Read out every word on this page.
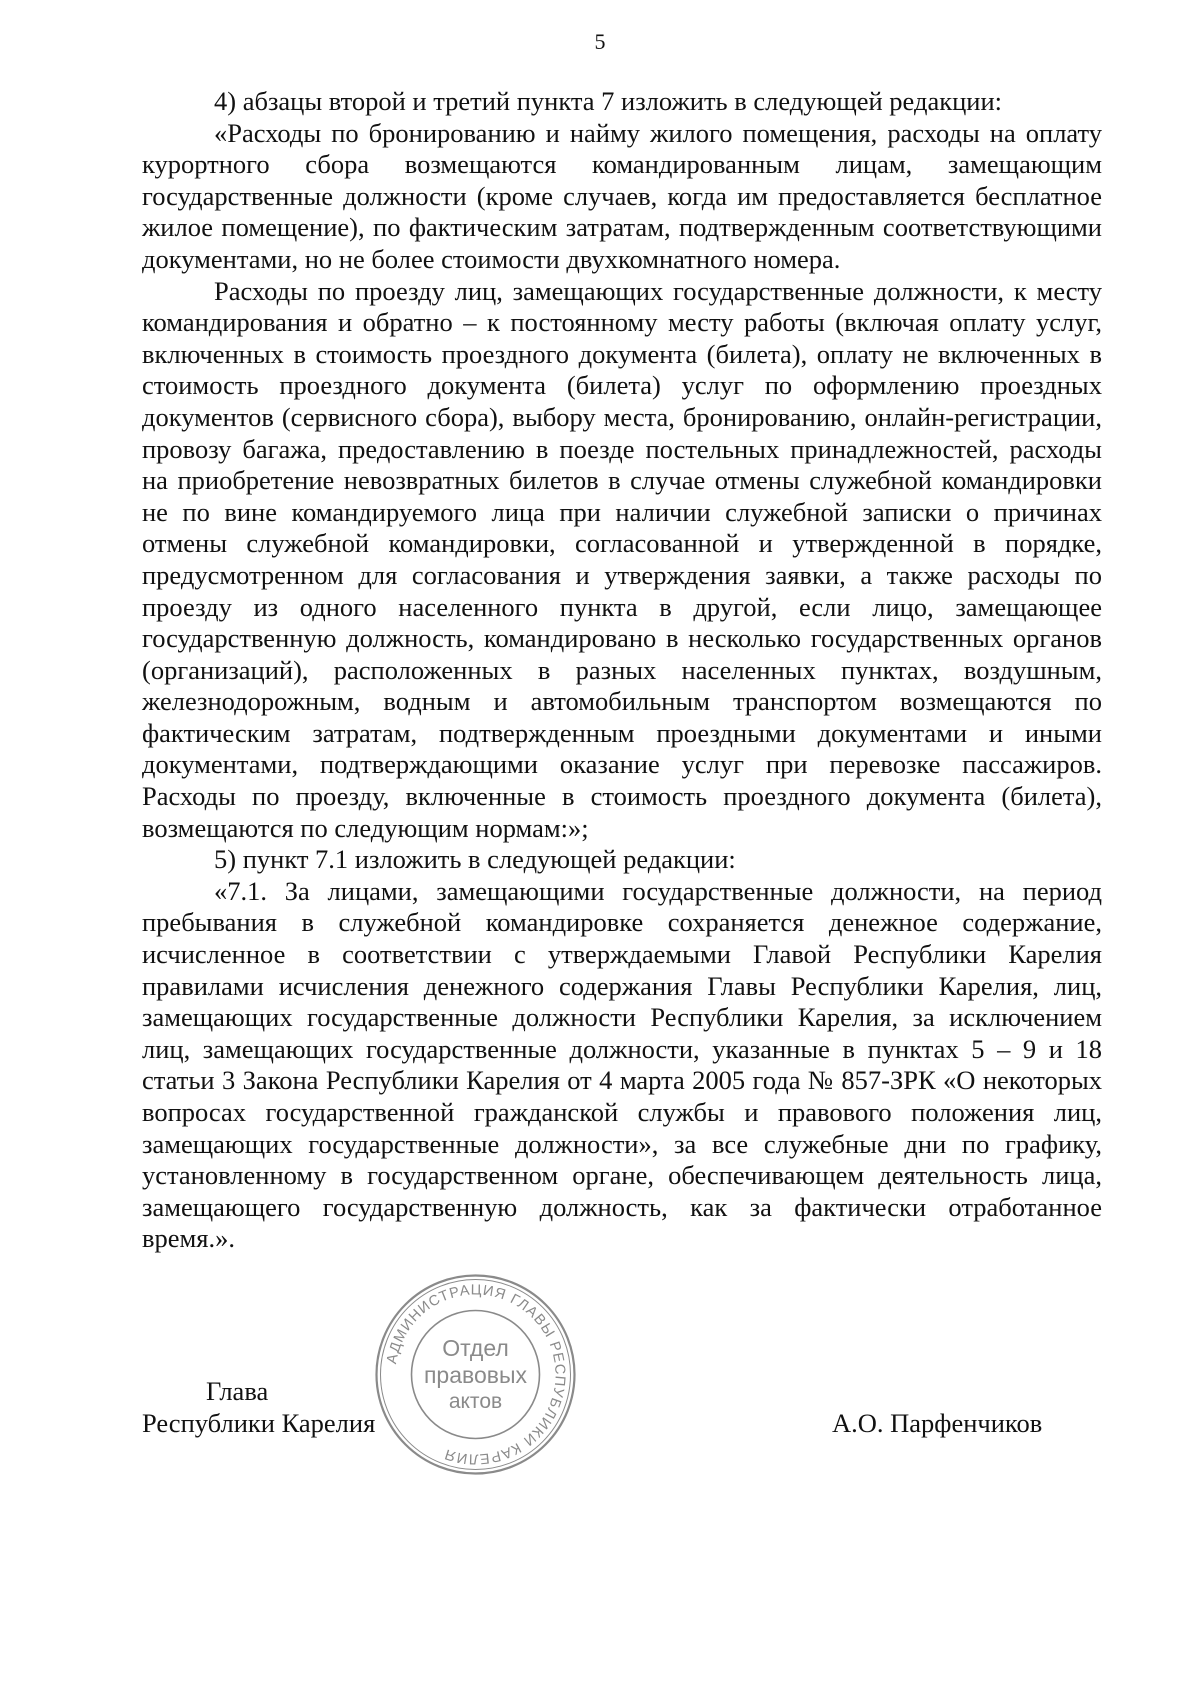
5

4) абзацы второй и третий пункта 7 изложить в следующей редакции:

«Расходы по бронированию и найму жилого помещения, расходы на оплату курортного сбора возмещаются командированным лицам, замещающим государственные должности (кроме случаев, когда им предоставляется бесплатное жилое помещение), по фактическим затратам, подтвержденным соответствующими документами, но не более стоимости двухкомнатного номера.

Расходы по проезду лиц, замещающих государственные должности, к месту командирования и обратно – к постоянному месту работы (включая оплату услуг, включенных в стоимость проездного документа (билета), оплату не включенных в стоимость проездного документа (билета) услуг по оформлению проездных документов (сервисного сбора), выбору места, бронированию, онлайн-регистрации, провозу багажа, предоставлению в поезде постельных принадлежностей, расходы на приобретение невозвратных билетов в случае отмены служебной командировки не по вине командируемого лица при наличии служебной записки о причинах отмены служебной командировки, согласованной и утвержденной в порядке, предусмотренном для согласования и утверждения заявки, а также расходы по проезду из одного населенного пункта в другой, если лицо, замещающее государственную должность, командировано в несколько государственных органов (организаций), расположенных в разных населенных пунктах, воздушным, железнодорожным, водным и автомобильным транспортом возмещаются по фактическим затратам, подтвержденным проездными документами и иными документами, подтверждающими оказание услуг при перевозке пассажиров. Расходы по проезду, включенные в стоимость проездного документа (билета), возмещаются по следующим нормам:»;

5) пункт 7.1 изложить в следующей редакции:

«7.1. За лицами, замещающими государственные должности, на период пребывания в служебной командировке сохраняется денежное содержание, исчисленное в соответствии с утверждаемыми Главой Республики Карелия правилами исчисления денежного содержания Главы Республики Карелия, лиц, замещающих государственные должности Республики Карелия, за исключением лиц, замещающих государственные должности, указанные в пунктах 5 – 9 и 18 статьи 3 Закона Республики Карелия от 4 марта 2005 года № 857-ЗРК «О некоторых вопросах государственной гражданской службы и правового положения лиц, замещающих государственные должности», за все служебные дни по графику, установленному в государственном органе, обеспечивающем деятельность лица, замещающего государственную должность, как за фактически отработанное время.».

Глава
Республики Карелия	А.О. Парфенчиков
АДМИНИСТРАЦИЯ ГЛАВЫ РЕСПУБЛИКИ КАРЕЛИЯ
Отдел
правовых
актов
